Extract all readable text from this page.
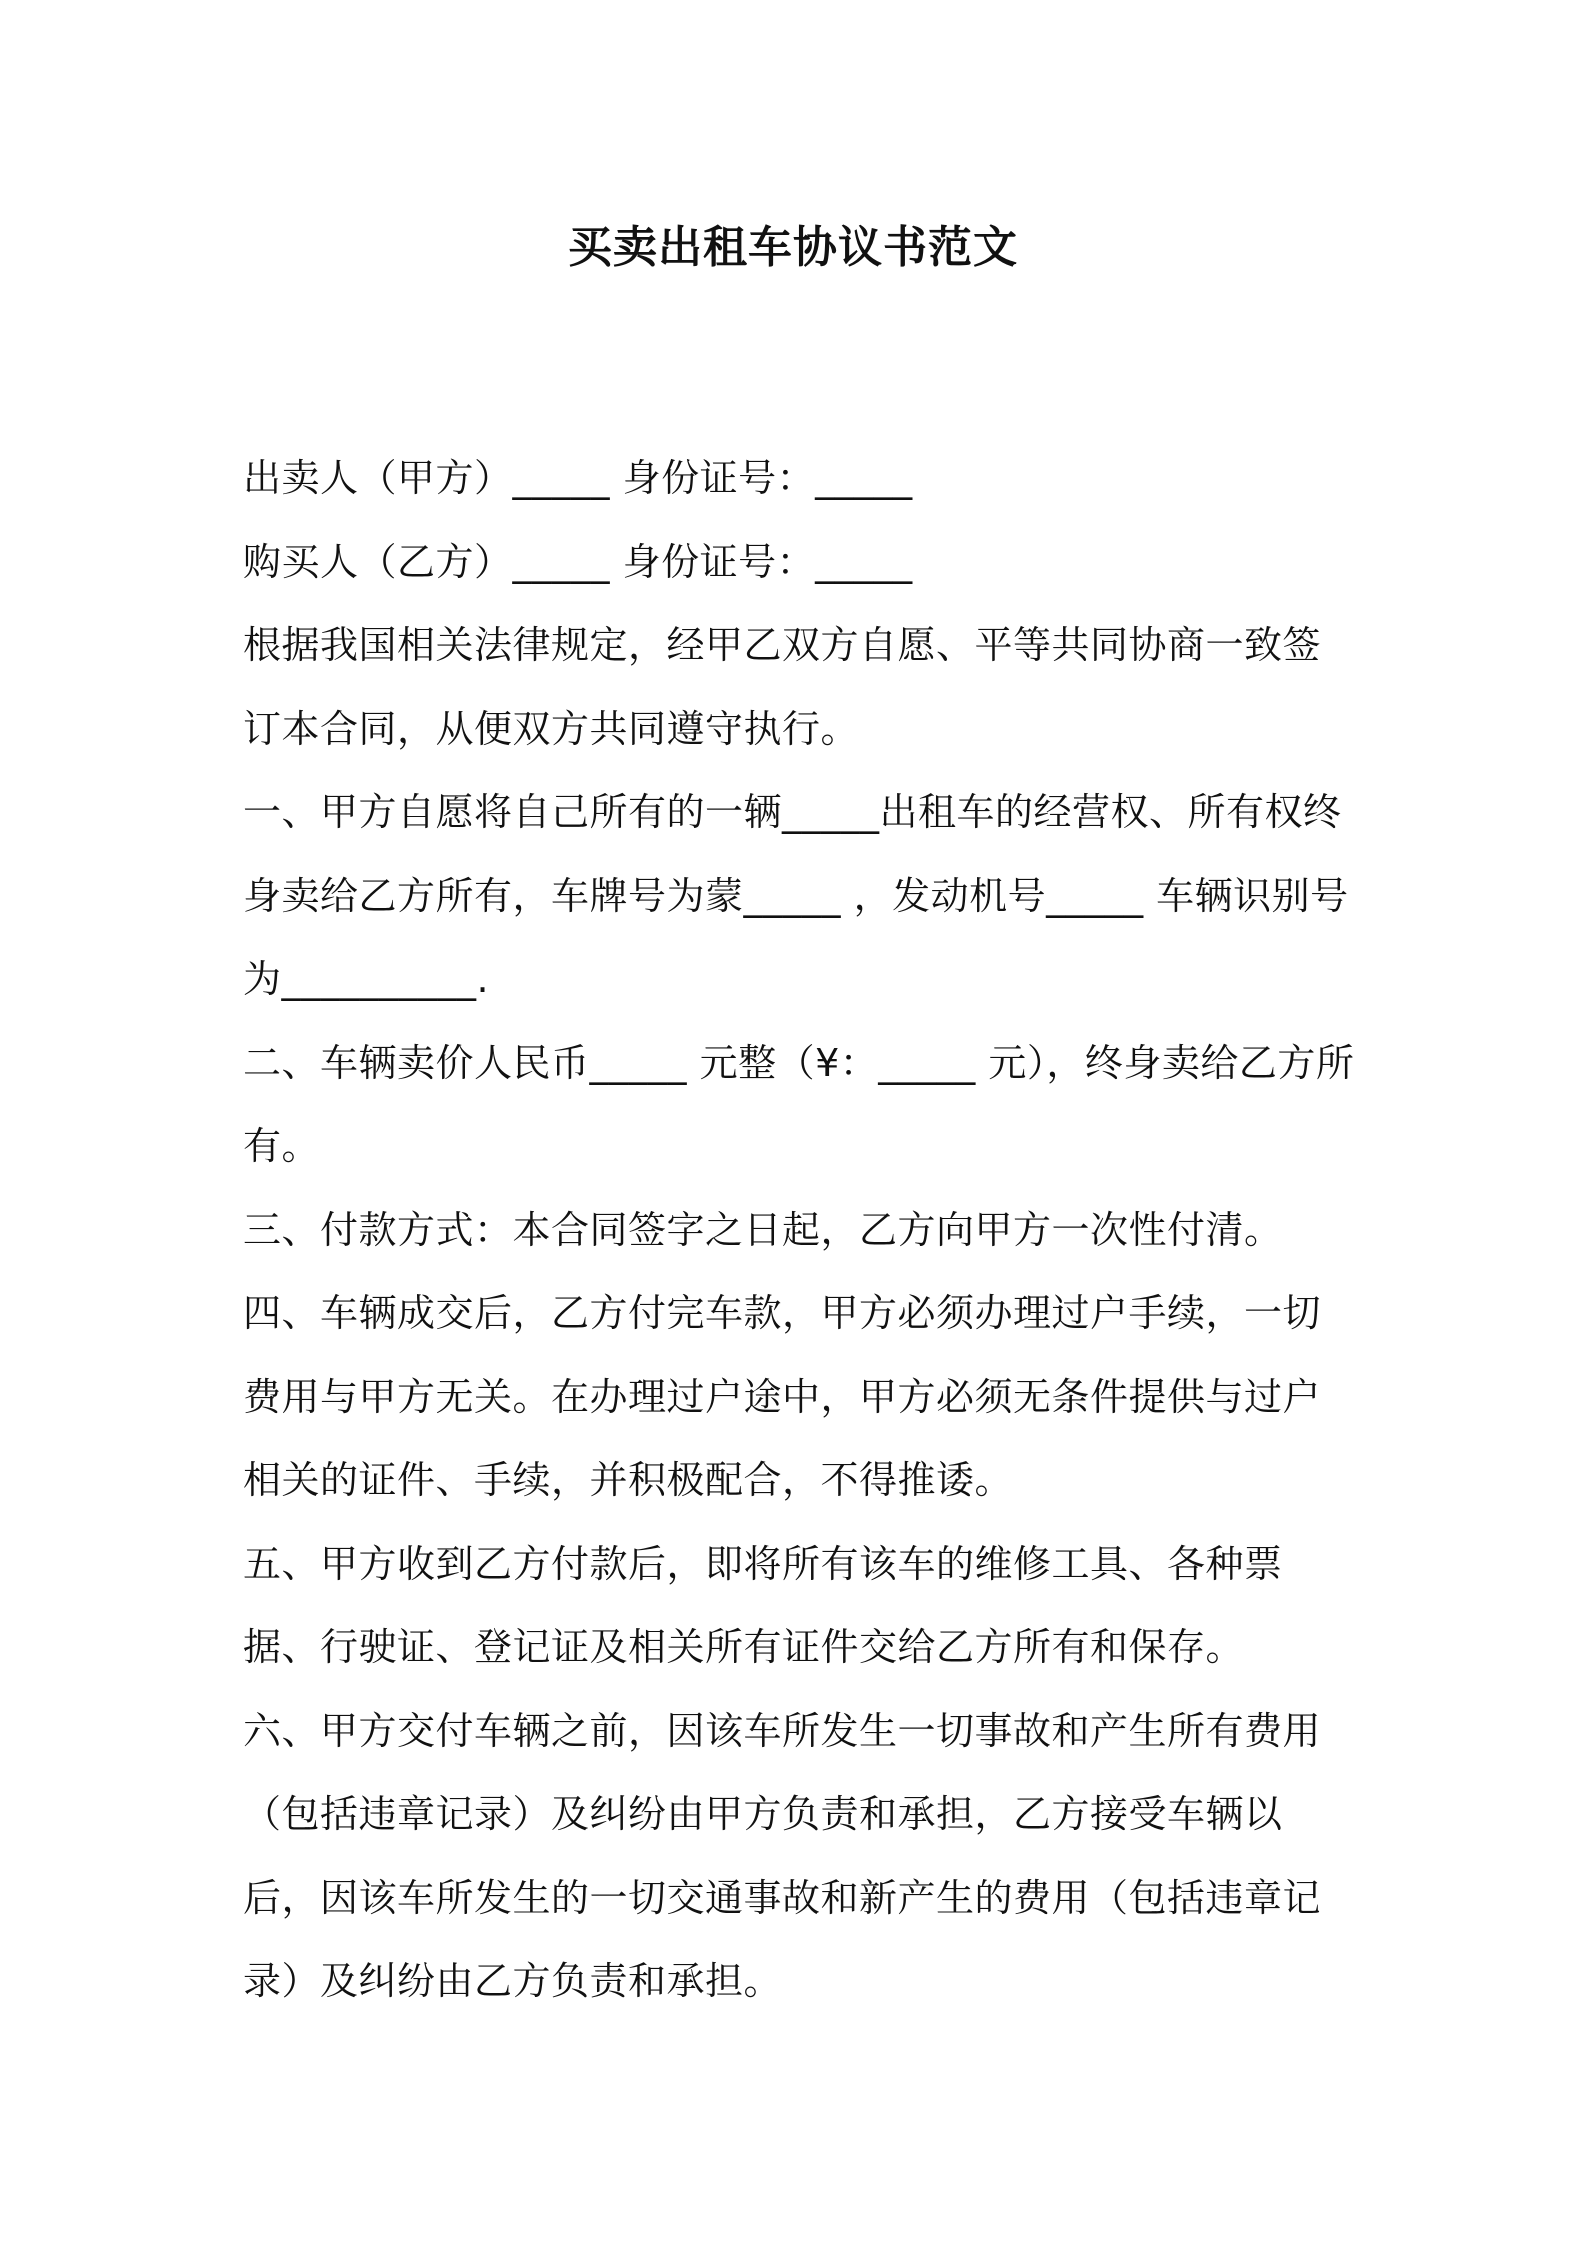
买卖出租车协议书范文

出卖人（甲方）_____ 身份证号：_____

购买人（乙方）_____ 身份证号：_____

根据我国相关法律规定，经甲乙双方自愿、平等共同协商一致签订本合同，从便双方共同遵守执行。

一、甲方自愿将自己所有的一辆_____出租车的经营权、所有权终身卖给乙方所有，车牌号为蒙_____ ，发动机号_____ 车辆识别号为__________.

二、车辆卖价人民币_____ 元整（¥：_____ 元），终身卖给乙方所有。

三、付款方式：本合同签字之日起，乙方向甲方一次性付清。

四、车辆成交后，乙方付完车款，甲方必须办理过户手续，一切费用与甲方无关。在办理过户途中，甲方必须无条件提供与过户相关的证件、手续，并积极配合，不得推诿。

五、甲方收到乙方付款后，即将所有该车的维修工具、各种票据、行驶证、登记证及相关所有证件交给乙方所有和保存。

六、甲方交付车辆之前，因该车所发生一切事故和产生所有费用（包括违章记录）及纠纷由甲方负责和承担，乙方接受车辆以后，因该车所发生的一切交通事故和新产生的费用（包括违章记录）及纠纷由乙方负责和承担。
